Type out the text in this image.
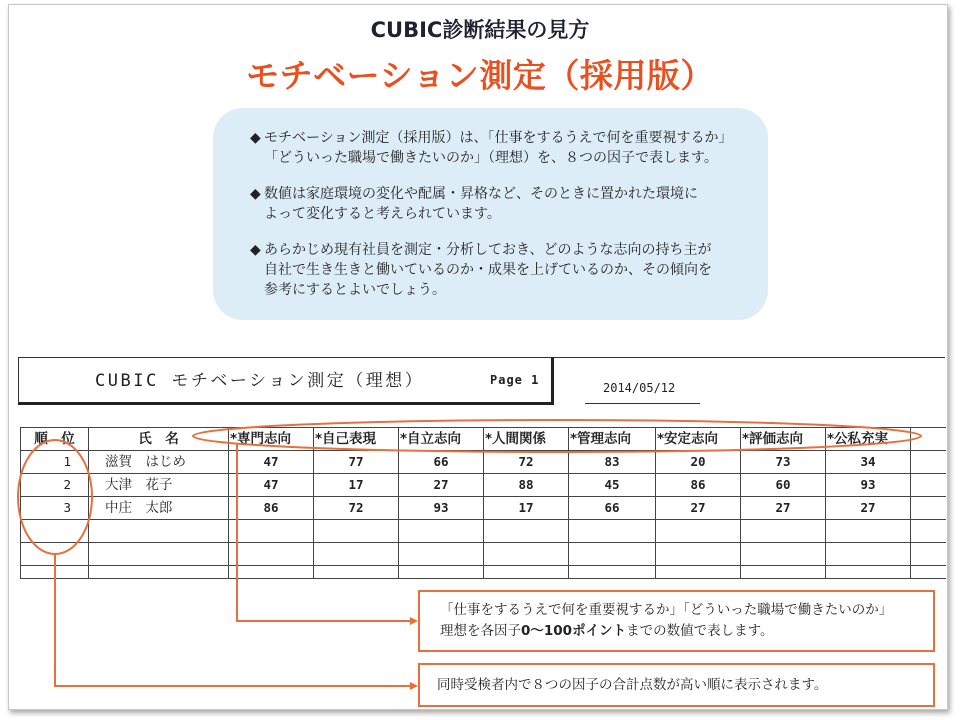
CUBIC診断結果の見方
モチベーション測定（採用版）
◆ モチベーション測定（採用版）は、「仕事をするうえで何を重要視するか」
「どういった職場で働きたいのか」（理想）を、８つの因子で表します。
◆ 数値は家庭環境の変化や配属・昇格など、そのときに置かれた環境に
よって変化すると考えられています。
◆ あらかじめ現有社員を測定・分析しておき、どのような志向の持ち主が
自社で生き生きと働いているのか・成果を上げているのか、その傾向を
参考にするとよいでしょう。
CUBIC モチベーション測定（理想）	Page 1
2014/05/12
順　位	氏　名	*専門志向	*自己表現	*自立志向	*人間関係	*管理志向	*安定志向	*評価志向	*公私充実	
1	滋賀　はじめ	47	77	66	72	83	20	73	34	
2	大津　花子	47	17	27	88	45	86	60	93	
3	中庄　太郎	86	72	93	17	66	27	27	27	

「仕事をするうえで何を重要視するか」「どういった職場で働きたいのか」
理想を各因子0～100ポイントまでの数値で表します。
同時受検者内で８つの因子の合計点数が高い順に表示されます。
